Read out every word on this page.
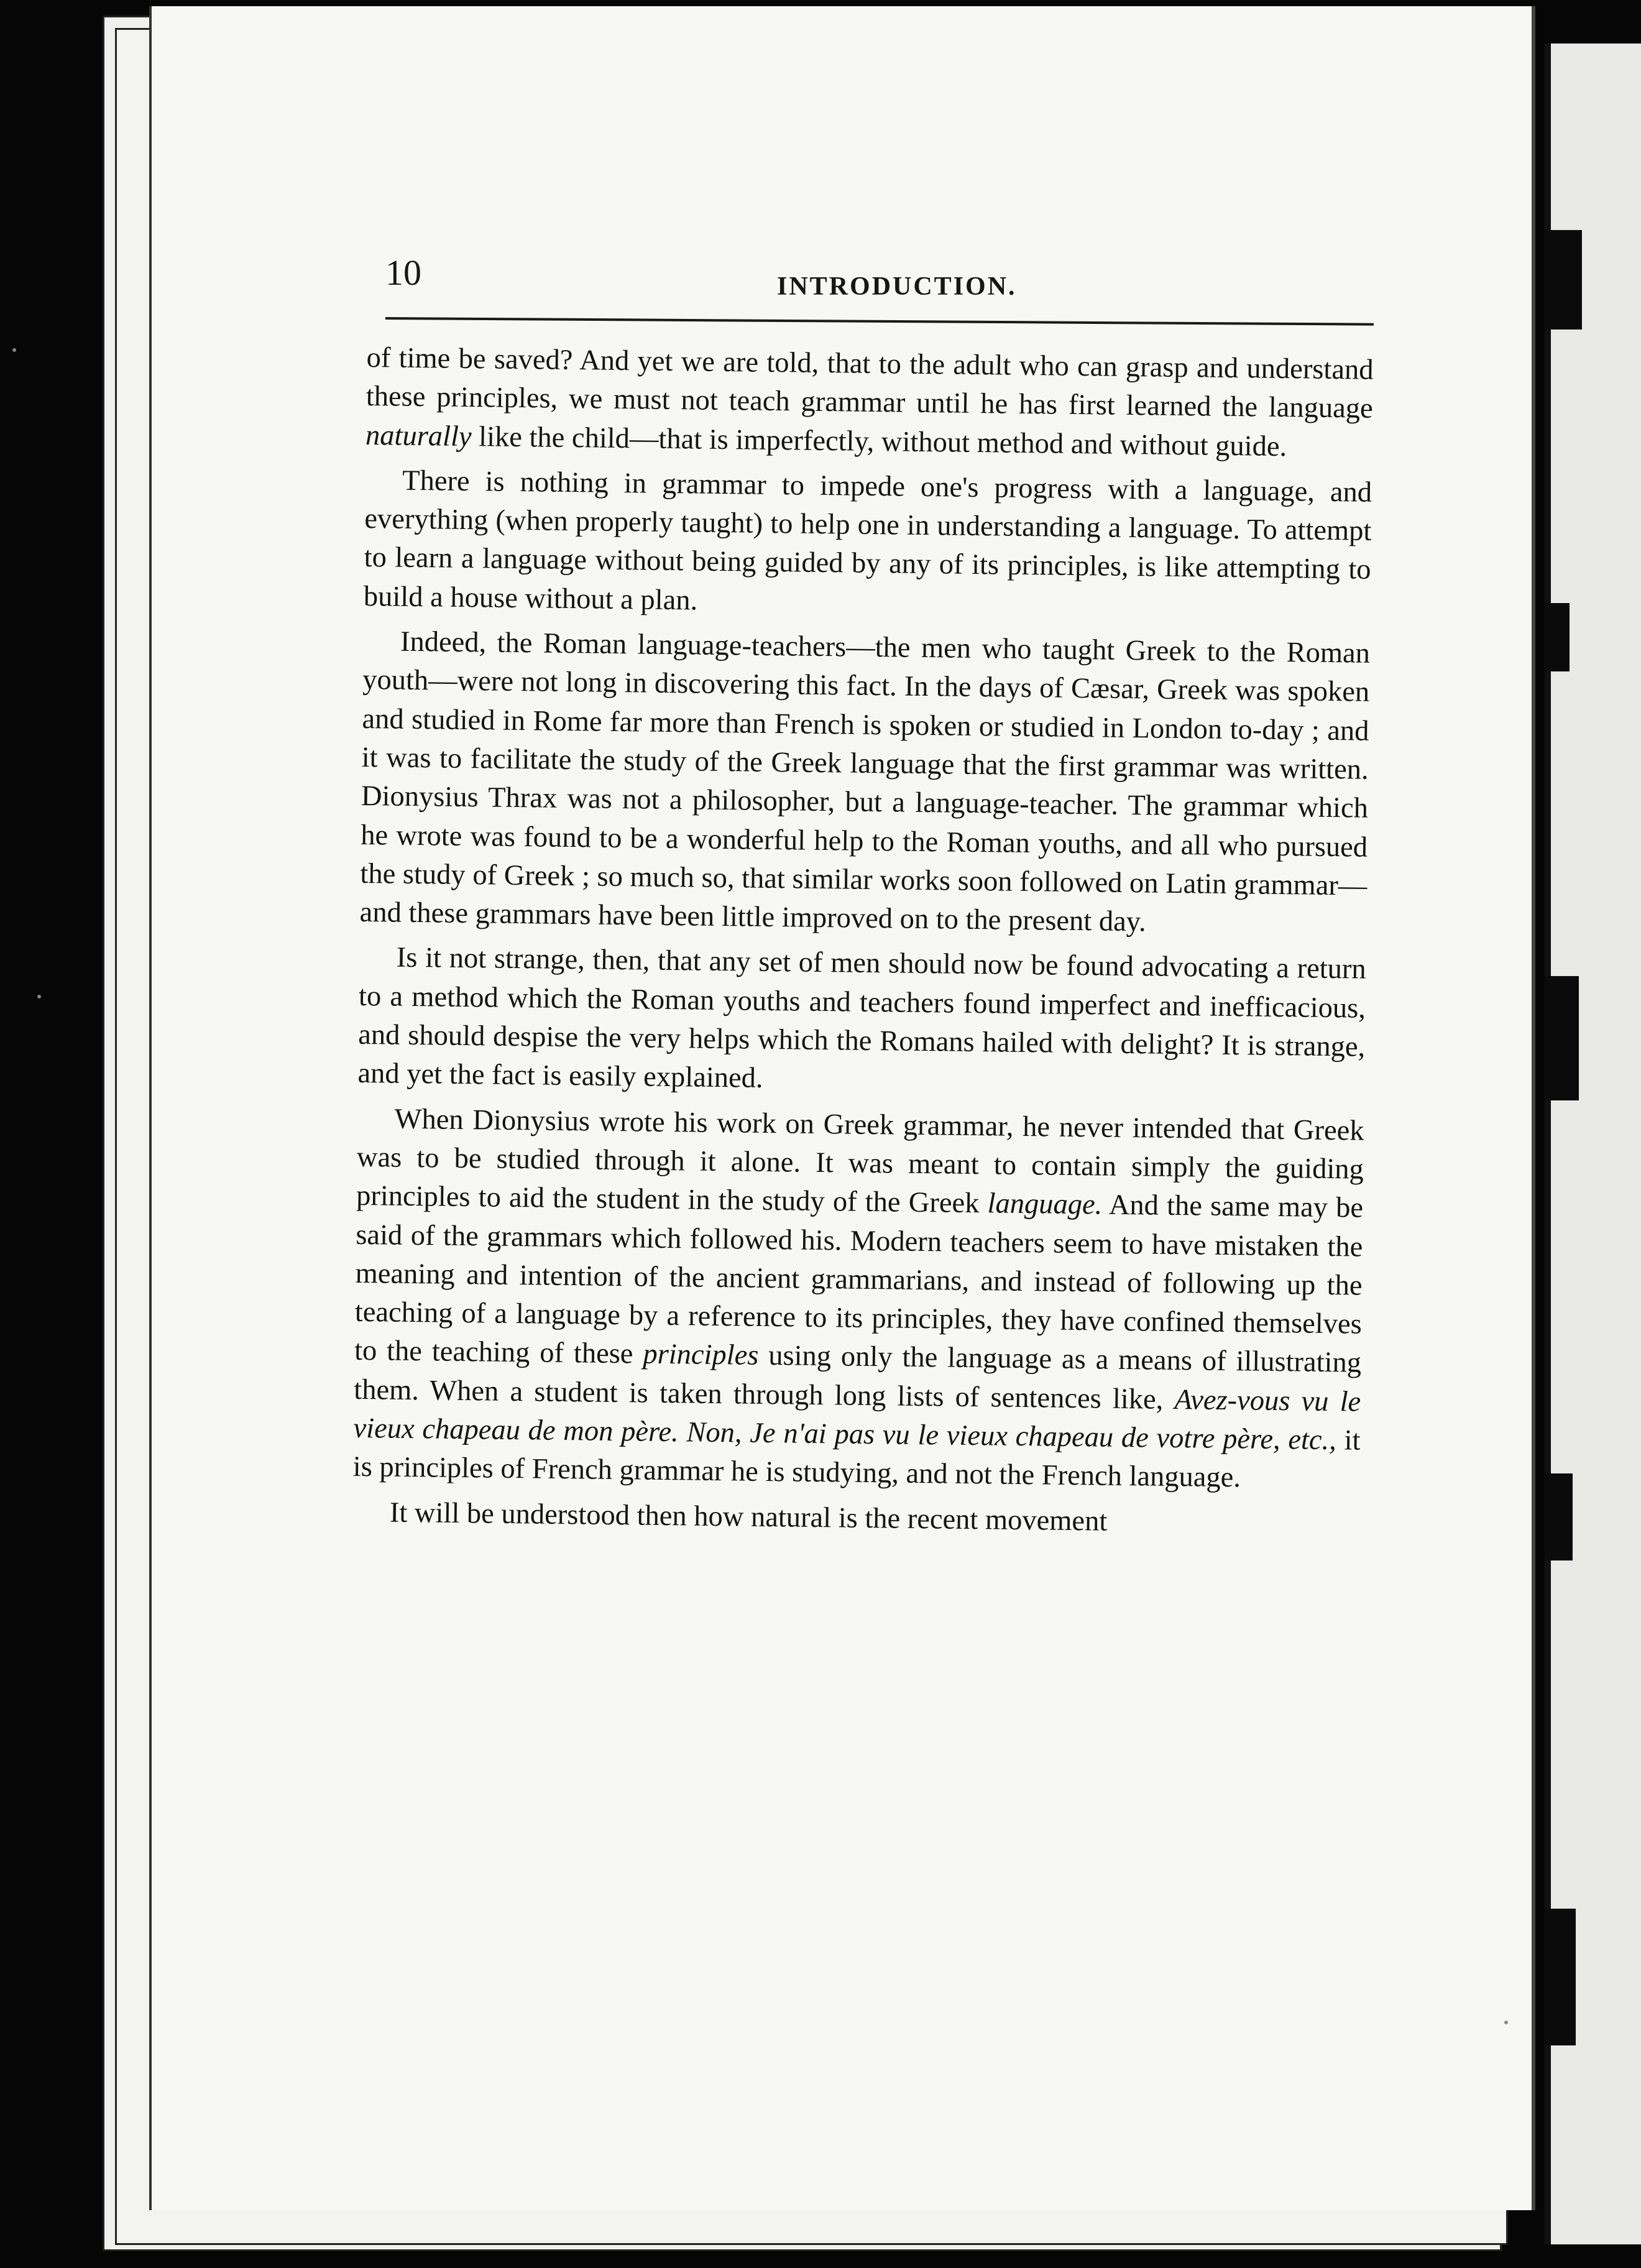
10	INTRODUCTION.

of time be saved? And yet we are told, that to the adult who can grasp and understand these principles, we must not teach grammar until he has first learned the language naturally like the child—that is imperfectly, without method and without guide.

There is nothing in grammar to impede one's progress with a language, and everything (when properly taught) to help one in understanding a language. To attempt to learn a language without being guided by any of its principles, is like attempting to build a house without a plan.

Indeed, the Roman language-teachers—the men who taught Greek to the Roman youth—were not long in discovering this fact. In the days of Cæsar, Greek was spoken and studied in Rome far more than French is spoken or studied in London to-day ; and it was to facilitate the study of the Greek language that the first grammar was written. Dionysius Thrax was not a philosopher, but a language-teacher. The grammar which he wrote was found to be a wonderful help to the Roman youths, and all who pursued the study of Greek ; so much so, that similar works soon followed on Latin grammar—and these grammars have been little improved on to the present day.

Is it not strange, then, that any set of men should now be found advocating a return to a method which the Roman youths and teachers found imperfect and inefficacious, and should despise the very helps which the Romans hailed with delight? It is strange, and yet the fact is easily explained.

When Dionysius wrote his work on Greek grammar, he never intended that Greek was to be studied through it alone. It was meant to contain simply the guiding principles to aid the student in the study of the Greek language. And the same may be said of the grammars which followed his. Modern teachers seem to have mistaken the meaning and intention of the ancient grammarians, and instead of following up the teaching of a language by a reference to its principles, they have confined themselves to the teaching of these principles using only the language as a means of illustrating them. When a student is taken through long lists of sentences like, Avez-vous vu le vieux chapeau de mon père. Non, Je n'ai pas vu le vieux chapeau de votre père, etc., it is principles of French grammar he is studying, and not the French language.

It will be understood then how natural is the recent movement
